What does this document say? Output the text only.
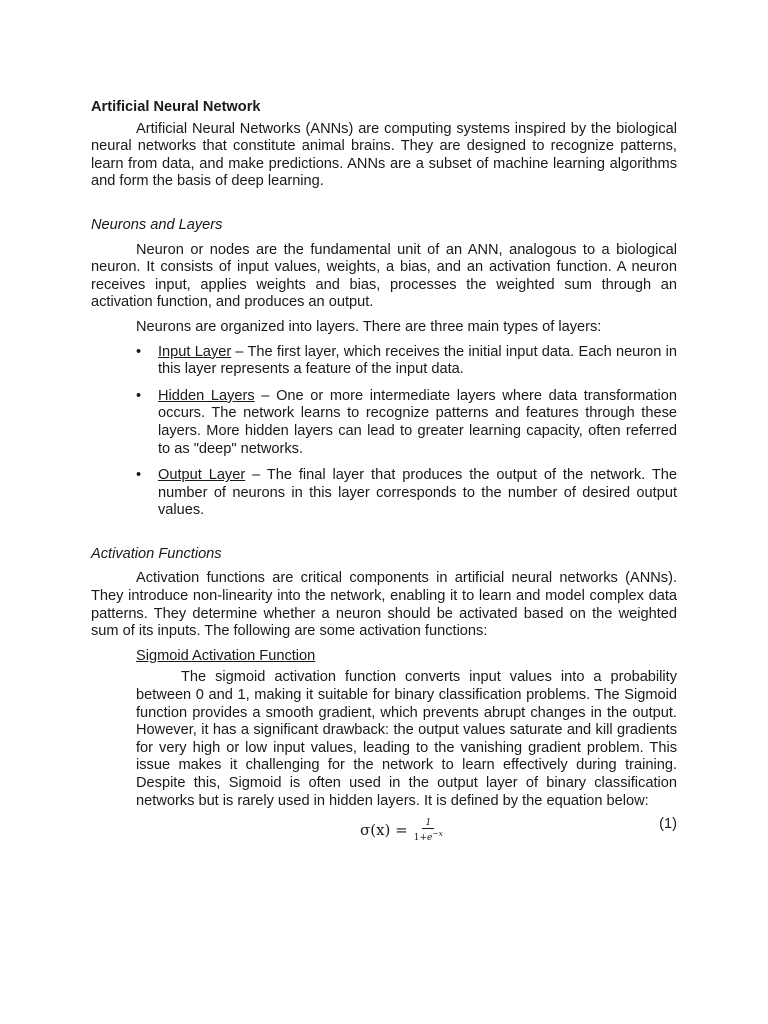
Artificial Neural Network

Artificial Neural Networks (ANNs) are computing systems inspired by the biological neural networks that constitute animal brains. They are designed to recognize patterns, learn from data, and make predictions. ANNs are a subset of machine learning algorithms and form the basis of deep learning.

Neurons and Layers

Neuron or nodes are the fundamental unit of an ANN, analogous to a biological neuron. It consists of input values, weights, a bias, and an activation function. A neuron receives input, applies weights and bias, processes the weighted sum through an activation function, and produces an output.

Neurons are organized into layers. There are three main types of layers:

• Input Layer – The first layer, which receives the initial input data. Each neuron in this layer represents a feature of the input data.
• Hidden Layers – One or more intermediate layers where data transformation occurs. The network learns to recognize patterns and features through these layers. More hidden layers can lead to greater learning capacity, often referred to as "deep" networks.
• Output Layer – The final layer that produces the output of the network. The number of neurons in this layer corresponds to the number of desired output values.

Activation Functions

Activation functions are critical components in artificial neural networks (ANNs). They introduce non-linearity into the network, enabling it to learn and model complex data patterns. They determine whether a neuron should be activated based on the weighted sum of its inputs. The following are some activation functions:

Sigmoid Activation Function

The sigmoid activation function converts input values into a probability between 0 and 1, making it suitable for binary classification problems. The Sigmoid function provides a smooth gradient, which prevents abrupt changes in the output. However, it has a significant drawback: the output values saturate and kill gradients for very high or low input values, leading to the vanishing gradient problem. This issue makes it challenging for the network to learn effectively during training. Despite this, Sigmoid is often used in the output layer of binary classification networks but is rarely used in hidden layers. It is defined by the equation below:

$\sigma(x) = \frac{1}{1+e^{-x}}$	(1)
